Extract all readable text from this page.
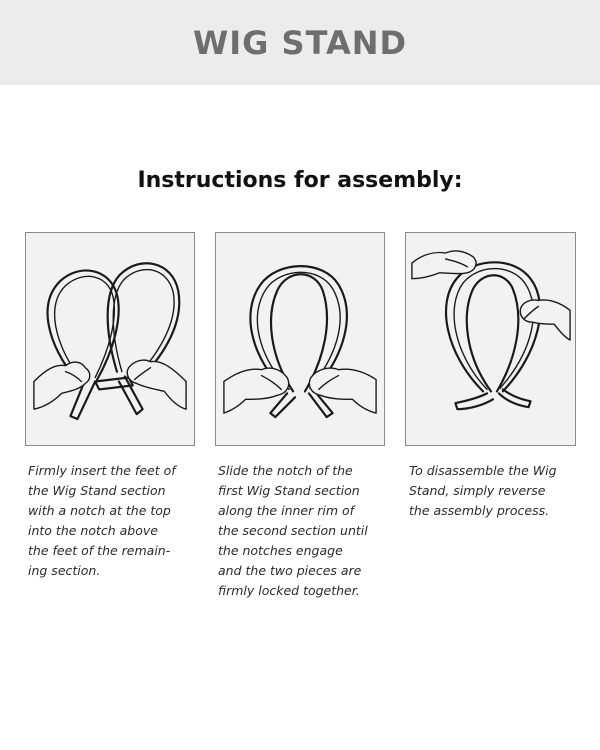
WIG STAND
Instructions for assembly:
Firmly insert the feet of
the Wig Stand section
with a notch at the top
into the notch above
the feet of the remain-
ing section.
Slide the notch of the
first Wig Stand section
along the inner rim of
the second section until
the notches engage
and the two pieces are
firmly locked together.
To disassemble the Wig
Stand, simply reverse
the assembly process.
